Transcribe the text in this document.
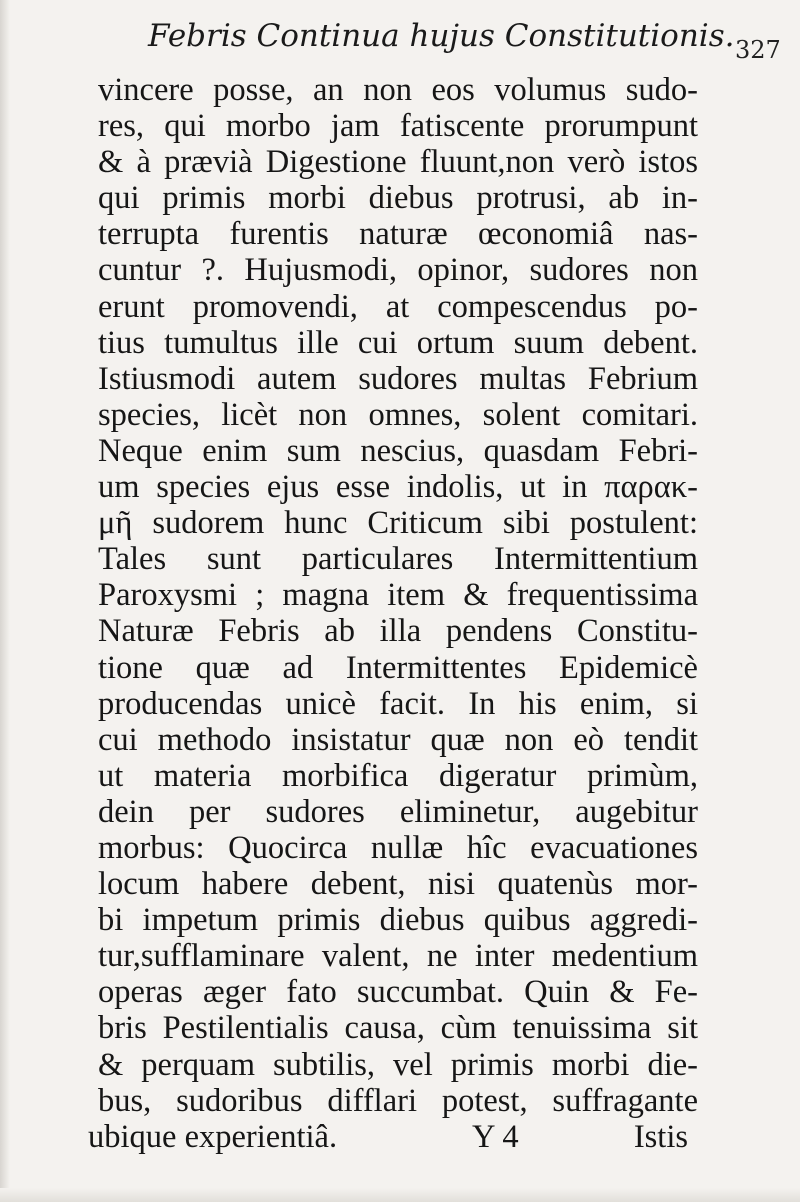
Febris Continua hujus Constitutionis. 327
vincere posse, an non eos volumus sudo-
res, qui morbo jam fatiscente prorumpunt
& à prævià Digestione fluunt,non verò istos
qui primis morbi diebus protrusi, ab in-
terrupta furentis naturæ œconomiâ nas-
cuntur ?. Hujusmodi, opinor, sudores non
erunt promovendi, at compescendus po-
tius tumultus ille cui ortum suum debent.
Istiusmodi autem sudores multas Febrium
species, licèt non omnes, solent comitari.
Neque enim sum nescius, quasdam Febri-
um species ejus esse indolis, ut in παρακ-
μῆ sudorem hunc Criticum sibi postulent:
Tales sunt particulares Intermittentium
Paroxysmi ; magna item & frequentissima
Naturæ Febris ab illa pendens Constitu-
tione quæ ad Intermittentes Epidemicè
producendas unicè facit. In his enim, si
cui methodo insistatur quæ non eò tendit
ut materia morbifica digeratur primùm,
dein per sudores eliminetur, augebitur
morbus: Quocirca nullæ hîc evacuationes
locum habere debent, nisi quatenùs mor-
bi impetum primis diebus quibus aggredi-
tur,sufflaminare valent, ne inter medentium
operas æger fato succumbat. Quin & Fe-
bris Pestilentialis causa, cùm tenuissima sit
& perquam subtilis, vel primis morbi die-
bus, sudoribus difflari potest, suffragante
ubique experientiâ.	Y 4	Istis
